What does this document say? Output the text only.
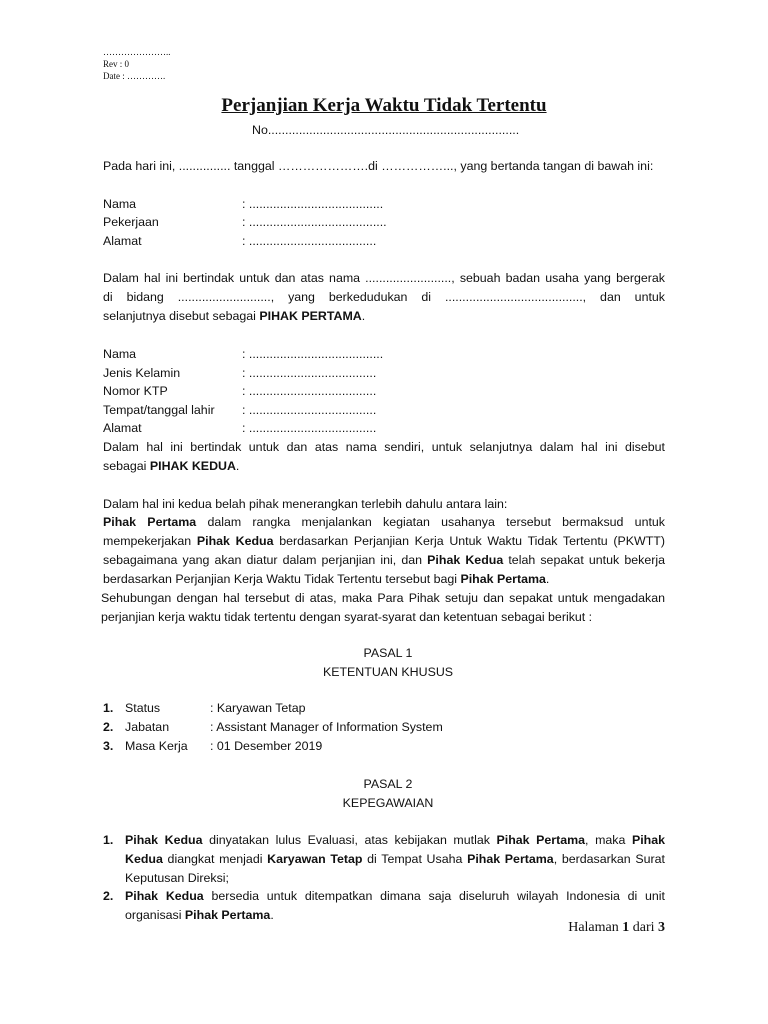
…………………..
Rev : 0
Date : ………….
Perjanjian Kerja Waktu Tidak Tertentu
No.........................................................................
Pada hari ini, ............... tanggal ………………….di ……………..., yang bertanda tangan di bawah ini:
Nama	: .......................................
Pekerjaan	: ........................................
Alamat	: .....................................
Dalam hal ini bertindak untuk dan atas nama ........................., sebuah badan usaha yang bergerak
di bidang ..........................., yang berkedudukan di ........................................, dan untuk
selanjutnya disebut sebagai PIHAK PERTAMA.
Nama	: .......................................
Jenis Kelamin	: .....................................
Nomor KTP	: .....................................
Tempat/tanggal lahir : .....................................
Alamat	: .....................................
Dalam hal ini bertindak untuk dan atas nama sendiri, untuk selanjutnya dalam hal ini disebut
sebagai PIHAK KEDUA.
Dalam hal ini kedua belah pihak menerangkan terlebih dahulu antara lain:
Pihak Pertama dalam rangka menjalankan kegiatan usahanya tersebut bermaksud untuk mempekerjakan Pihak Kedua berdasarkan Perjanjian Kerja Untuk Waktu Tidak Tertentu (PKWTT) sebagaimana yang akan diatur dalam perjanjian ini, dan Pihak Kedua telah sepakat untuk bekerja berdasarkan Perjanjian Kerja Waktu Tidak Tertentu tersebut bagi Pihak Pertama.
Sehubungan dengan hal tersebut di atas, maka Para Pihak setuju dan sepakat untuk mengadakan perjanjian kerja waktu tidak tertentu dengan syarat-syarat dan ketentuan sebagai berikut :
PASAL 1
KETENTUAN KHUSUS
1. Status	: Karyawan Tetap
2. Jabatan	: Assistant Manager of Information System
3. Masa Kerja : 01 Desember 2019
PASAL 2
KEPEGAWAIAN
1. Pihak Kedua dinyatakan lulus Evaluasi, atas kebijakan mutlak Pihak Pertama, maka Pihak Kedua diangkat menjadi Karyawan Tetap di Tempat Usaha Pihak Pertama, berdasarkan Surat Keputusan Direksi;
2. Pihak Kedua bersedia untuk ditempatkan dimana saja diseluruh wilayah Indonesia di unit organisasi Pihak Pertama.
Halaman 1 dari 3
